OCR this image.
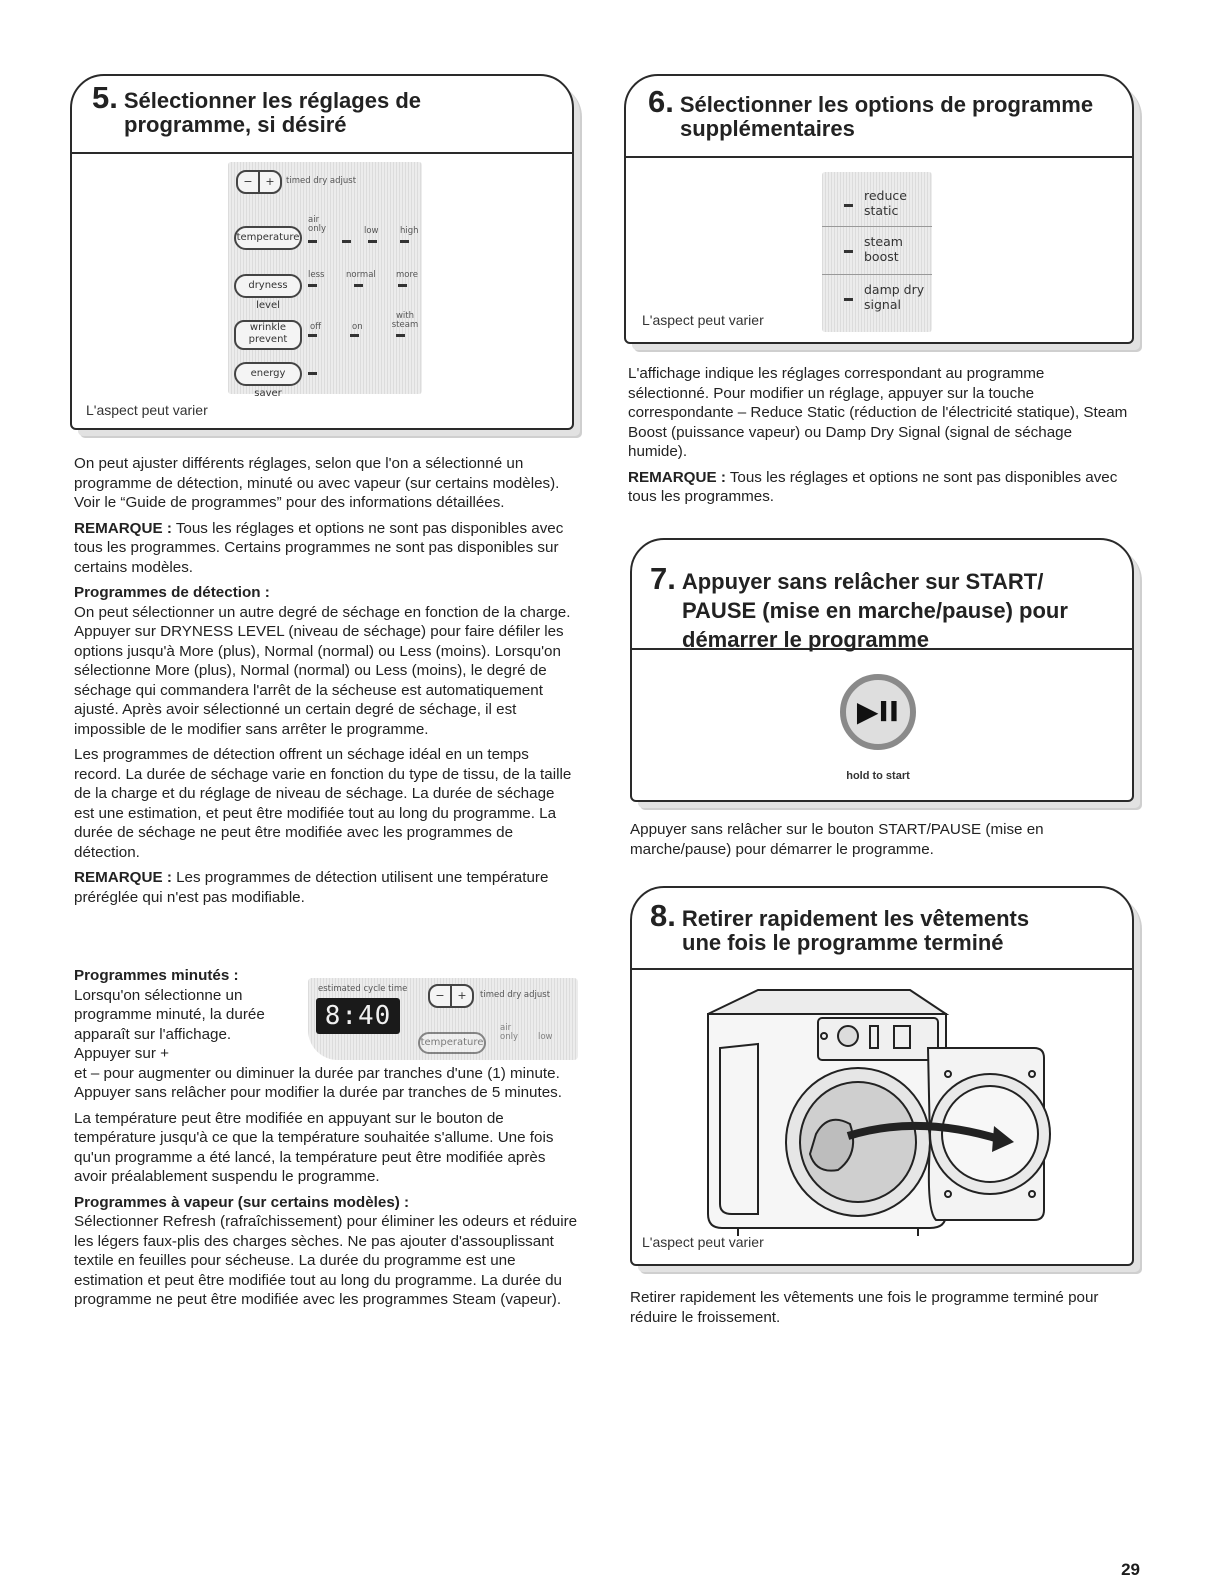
5. Sélectionner les réglages de
programme, si désiré
−	+	timed dry adjust
air only	low	high
temperature
less	normal more
dryness level
with steam
off	on
wrinkle prevent
energy saver
L'aspect peut varier

On peut ajuster différents réglages, selon que l'on a sélectionné un programme de détection, minuté ou avec vapeur (sur certains modèles). Voir le “Guide de programmes” pour des informations détaillées.

REMARQUE : Tous les réglages et options ne sont pas disponibles avec tous les programmes. Certains programmes ne sont pas disponibles sur certains modèles.

Programmes de détection :

On peut sélectionner un autre degré de séchage en fonction de la charge. Appuyer sur DRYNESS LEVEL (niveau de séchage) pour faire défiler les options jusqu'à More (plus), Normal (normal) ou Less (moins). Lorsqu'on sélectionne More (plus), Normal (normal) ou Less (moins), le degré de séchage qui commandera l'arrêt de la sécheuse est automatiquement ajusté. Après avoir sélectionné un certain degré de séchage, il est impossible de le modifier sans arrêter le programme.

Les programmes de détection offrent un séchage idéal en un temps record. La durée de séchage varie en fonction du type de tissu, de la taille de la charge et du réglage de niveau de séchage. La durée de séchage est une estimation, et peut être modifiée tout au long du programme. La durée de séchage ne peut être modifiée avec les programmes de détection.

REMARQUE : Les programmes de détection utilisent une température préréglée qui n'est pas modifiable.

Programmes minutés :
Lorsqu'on sélectionne un programme minuté, la durée apparaît sur l'affichage. Appuyer sur +

et – pour augmenter ou diminuer la durée par tranches d'une (1) minute. Appuyer sans relâcher pour modifier la durée par tranches de 5 minutes.

La température peut être modifiée en appuyant sur le bouton de température jusqu'à ce que la température souhaitée s'allume. Une fois qu'un programme a été lancé, la température peut être modifiée après avoir préalablement suspendu le programme.

Programmes à vapeur (sur certains modèles) :

Sélectionner Refresh (rafraîchissement) pour éliminer les odeurs et réduire les légers faux-plis des charges sèches. Ne pas ajouter d'assouplissant textile en feuilles pour sécheuse. La durée du programme est une estimation et peut être modifiée tout au long du programme. La durée du programme ne peut être modifiée avec les programmes Steam (vapeur).

estimated cycle time
8:40
−	+	timed dry adjust
temperature
air only	low
6. Sélectionner les options de programme
supplémentaires
reduce static
steam boost
damp dry signal
L'aspect peut varier

L'affichage indique les réglages correspondant au programme sélectionné. Pour modifier un réglage, appuyer sur la touche correspondante – Reduce Static (réduction de l'électricité statique), Steam Boost (puissance vapeur) ou Damp Dry Signal (signal de séchage humide).

REMARQUE : Tous les réglages et options ne sont pas disponibles avec tous les programmes.

7. Appuyer sans relâcher sur START/
PAUSE (mise en marche/pause) pour
démarrer le programme
▶II
hold to start

Appuyer sans relâcher sur le bouton START/PAUSE (mise en marche/pause) pour démarrer le programme.

8. Retirer rapidement les vêtements
une fois le programme terminé
L'aspect peut varier

Retirer rapidement les vêtements une fois le programme terminé pour réduire le froissement.

29
